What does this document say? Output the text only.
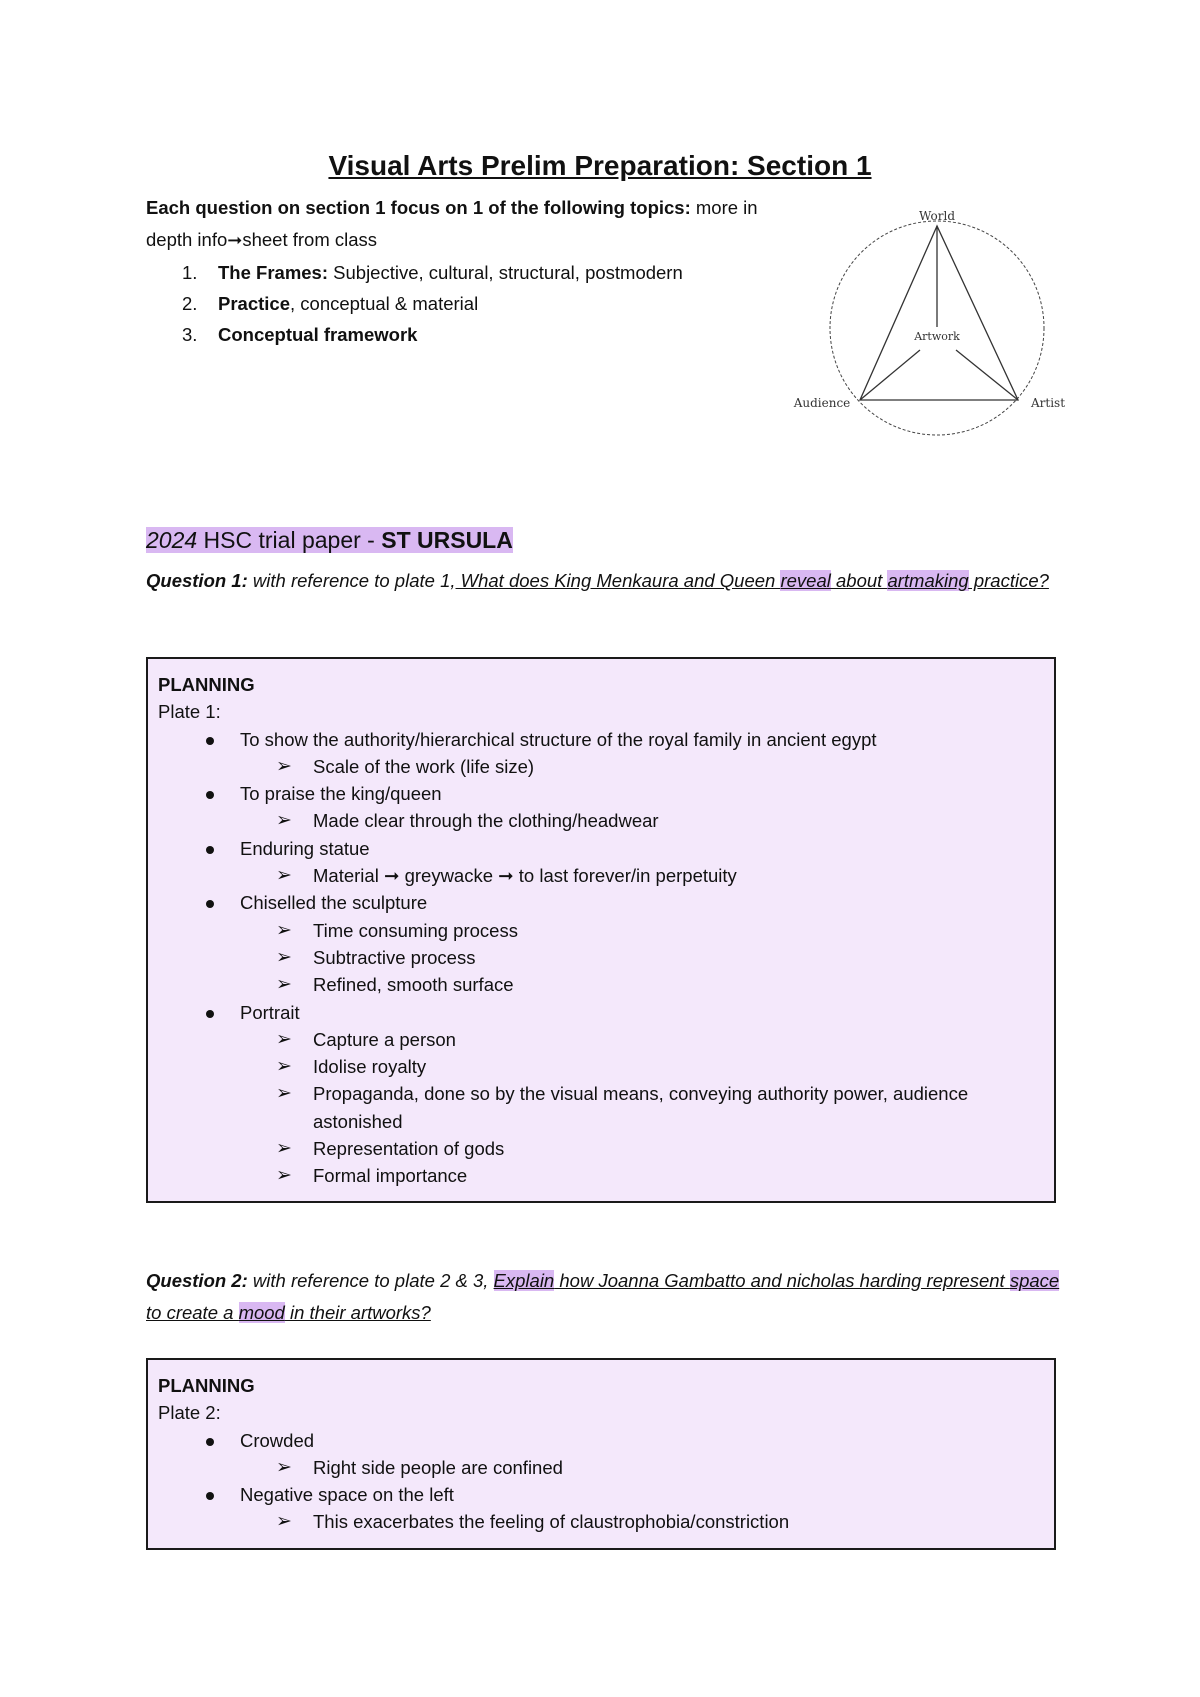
Visual Arts Prelim Preparation: Section 1
Each question on section 1 focus on 1 of the following topics: more in depth info➞sheet from class
1. The Frames: Subjective, cultural, structural, postmodern
2. Practice, conceptual & material
3. Conceptual framework
World
Artwork
Audience	Artist
2024 HSC trial paper - ST URSULA
Question 1: with reference to plate 1, What does King Menkaura and Queen reveal about artmaking practice?
PLANNING
Plate 1:
To show the authority/hierarchical structure of the royal family in ancient egypt
➢ Scale of the work (life size)
To praise the king/queen
➢ Made clear through the clothing/headwear
Enduring statue
➢ Material ➞ greywacke ➞ to last forever/in perpetuity
Chiselled the sculpture
➢ Time consuming process
➢ Subtractive process
➢ Refined, smooth surface
Portrait
➢ Capture a person
➢ Idolise royalty
➢ Propaganda, done so by the visual means, conveying authority power, audience astonished
➢ Representation of gods
➢ Formal importance
Question 2: with reference to plate 2 & 3, Explain how Joanna Gambatto and nicholas harding represent space to create a mood in their artworks?
PLANNING
Plate 2:
Crowded
➢ Right side people are confined
Negative space on the left
➢ This exacerbates the feeling of claustrophobia/constriction
